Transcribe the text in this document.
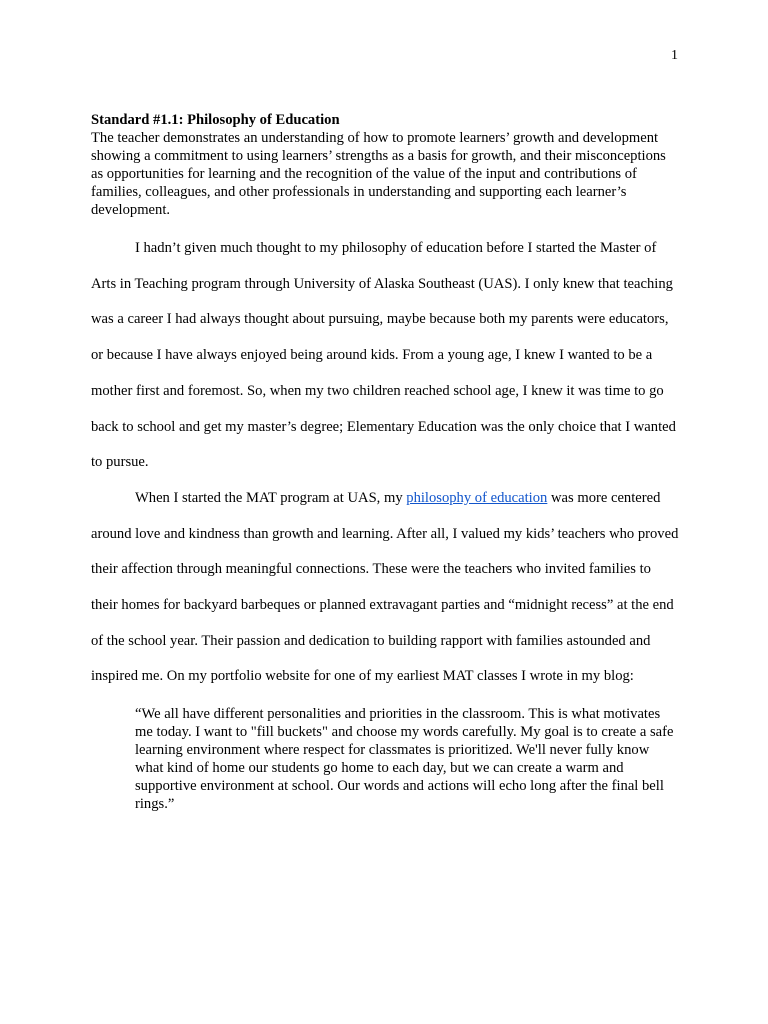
1
Standard #1.1: Philosophy of Education
The teacher demonstrates an understanding of how to promote learners’ growth and development showing a commitment to using learners’ strengths as a basis for growth, and their misconceptions as opportunities for learning and the recognition of the value of the input and contributions of families, colleagues, and other professionals in understanding and supporting each learner’s development.

I hadn’t given much thought to my philosophy of education before I started the Master of Arts in Teaching program through University of Alaska Southeast (UAS). I only knew that teaching was a career I had always thought about pursuing, maybe because both my parents were educators, or because I have always enjoyed being around kids. From a young age, I knew I wanted to be a mother first and foremost. So, when my two children reached school age, I knew it was time to go back to school and get my master’s degree; Elementary Education was the only choice that I wanted to pursue.

When I started the MAT program at UAS, my philosophy of education was more centered around love and kindness than growth and learning. After all, I valued my kids’ teachers who proved their affection through meaningful connections. These were the teachers who invited families to their homes for backyard barbeques or planned extravagant parties and “midnight recess” at the end of the school year. Their passion and dedication to building rapport with families astounded and inspired me. On my portfolio website for one of my earliest MAT classes I wrote in my blog:

“We all have different personalities and priorities in the classroom. This is what motivates me today. I want to "fill buckets" and choose my words carefully. My goal is to create a safe learning environment where respect for classmates is prioritized. We'll never fully know what kind of home our students go home to each day, but we can create a warm and supportive environment at school. Our words and actions will echo long after the final bell rings.”
